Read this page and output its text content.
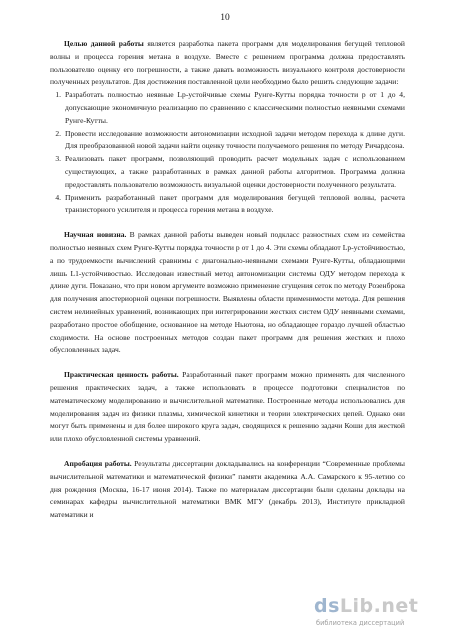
10

Целью данной работы является разработка пакета программ для моделирования бегущей тепловой волны и процесса горения метана в воздухе. Вместе с решением программа должна предоставлять пользователю оценку его погрешности, а также давать возможность визуального контроля достоверности полученных результатов. Для достижения поставленной цели необходимо было решить следующие задачи:

1. Разработать полностью неявные Lp-устойчивые схемы Рунге-Кутты порядка точности p от 1 до 4, допускающие экономичную реализацию по сравнению с классическими полностью неявными схемами Рунге-Кутты.
2. Провести исследование возможности автономизации исходной задачи методом перехода к длине дуги. Для преобразованной новой задачи найти оценку точности получаемого решения по методу Ричардсона.
3. Реализовать пакет программ, позволяющий проводить расчет модельных задач с использованием существующих, а также разработанных в рамках данной работы алгоритмов. Программа должна предоставлять пользователю возможность визуальной оценки достоверности полученного результата.
4. Применить разработанный пакет программ для моделирования бегущей тепловой волны, расчета транзисторного усилителя и процесса горения метана в воздухе.

Научная новизна. В рамках данной работы выведен новый подкласс разностных схем из семейства полностью неявных схем Рунге-Кутты порядка точности p от 1 до 4. Эти схемы обладают Lp-устойчивостью, а по трудоемкости вычислений сравнимы с диагонально-неявными схемами Рунге-Кутты, обладающими лишь L1-устойчивостью. Исследован известный метод автономизации системы ОДУ методом перехода к длине дуги. Показано, что при новом аргументе возможно применение сгущения сеток по методу Розенброка для получения апостериорной оценки погрешности. Выявлены области применимости метода. Для решения систем нелинейных уравнений, возникающих при интегрировании жестких систем ОДУ неявными схемами, разработано простое обобщение, основанное на методе Ньютона, но обладающее гораздо лучшей областью сходимости. На основе построенных методов создан пакет программ для решения жестких и плохо обусловленных задач.

Практическая ценность работы. Разработанный пакет программ можно применять для численного решения практических задач, а также использовать в процессе подготовки специалистов по математическому моделированию и вычислительной математике. Построенные методы использовались для моделирования задач из физики плазмы, химической кинетики и теории электрических цепей. Однако они могут быть применены и для более широкого круга задач, сводящихся к решению задачи Коши для жесткой или плохо обусловленной системы уравнений.

Апробация работы. Результаты диссертации докладывались на конференции “Современные проблемы вычислительной математики и математической физики” памяти академика А.А. Самарского к 95-летию со дня рождения (Москва, 16-17 июня 2014). Также по материалам диссертации были сделаны доклады на семинарах кафедры вычислительной математики ВМК МГУ (декабрь 2013), Институте прикладной математики и

dsLib.net
библиотека диссертаций
